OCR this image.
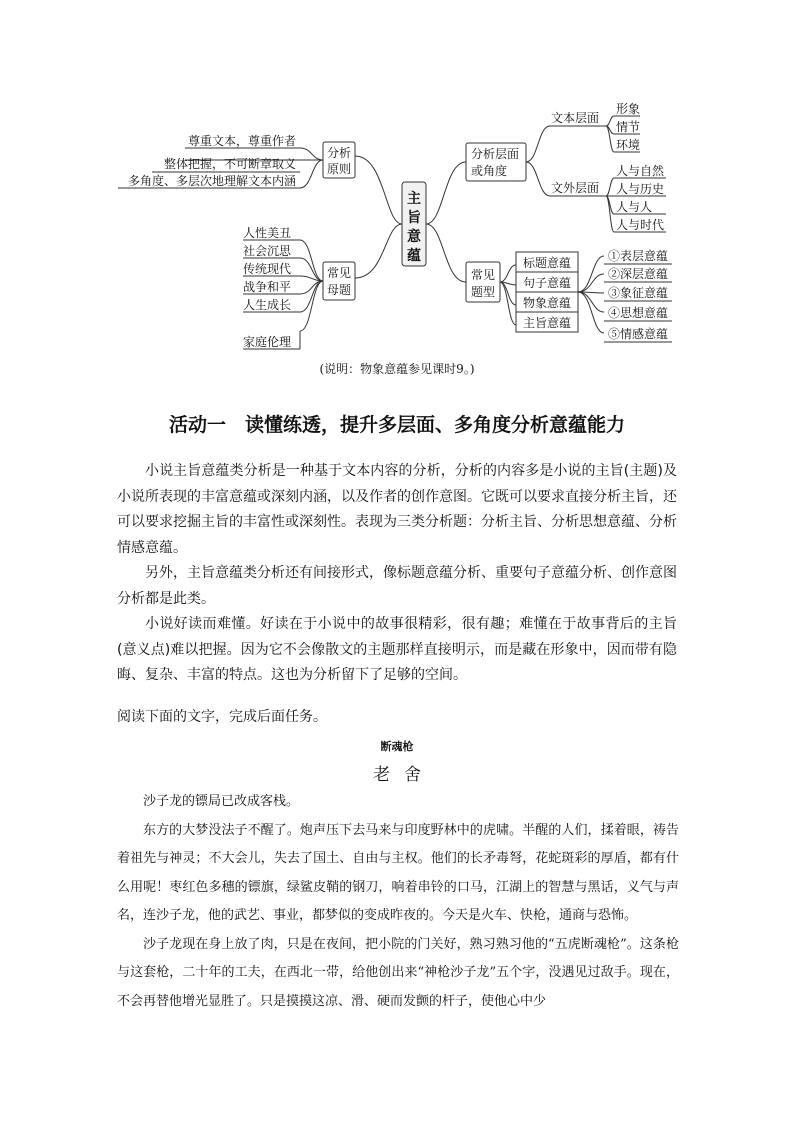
主
旨
意
蕴
分析
原则
尊重文本，尊重作者
整体把握，不可断章取义
多角度、多层次地理解文本内涵
常见
母题
人性美丑
社会沉思
传统现代
战争和平
人生成长
家庭伦理
分析层面
或角度
文本层面
形象
情节
环境
文外层面
人与自然
人与历史
人与人
人与时代
常见
题型
标题意蕴
句子意蕴
物象意蕴
主旨意蕴
①表层意蕴
②深层意蕴
③象征意蕴
④思想意蕴
⑤情感意蕴
(说明：物象意蕴参见课时9。)
活动一　读懂练透，提升多层面、多角度分析意蕴能力

小说主旨意蕴类分析是一种基于文本内容的分析，分析的内容多是小说的主旨(主题)及小说所表现的丰富意蕴或深刻内涵，以及作者的创作意图。它既可以要求直接分析主旨，还可以要求挖掘主旨的丰富性或深刻性。表现为三类分析题：分析主旨、分析思想意蕴、分析情感意蕴。

另外，主旨意蕴类分析还有间接形式，像标题意蕴分析、重要句子意蕴分析、创作意图分析都是此类。

小说好读而难懂。好读在于小说中的故事很精彩，很有趣；难懂在于故事背后的主旨(意义点)难以把握。因为它不会像散文的主题那样直接明示，而是藏在形象中，因而带有隐晦、复杂、丰富的特点。这也为分析留下了足够的空间。

阅读下面的文字，完成后面任务。
断魂枪
老舍

沙子龙的镖局已改成客栈。

东方的大梦没法子不醒了。炮声压下去马来与印度野林中的虎啸。半醒的人们，揉着眼，祷告着祖先与神灵；不大会儿，失去了国土、自由与主权。他们的长矛毒弩，花蛇斑彩的厚盾，都有什么用呢！枣红色多穗的镖旗，绿鲨皮鞘的钢刀，响着串铃的口马，江湖上的智慧与黑话，义气与声名，连沙子龙，他的武艺、事业，都梦似的变成昨夜的。今天是火车、快枪，通商与恐怖。

沙子龙现在身上放了肉，只是在夜间，把小院的门关好，熟习熟习他的“五虎断魂枪”。这条枪与这套枪，二十年的工夫，在西北一带，给他创出来“神枪沙子龙”五个字，没遇见过敌手。现在，不会再替他增光显胜了。只是摸摸这凉、滑、硬而发颤的杆子，使他心中少
